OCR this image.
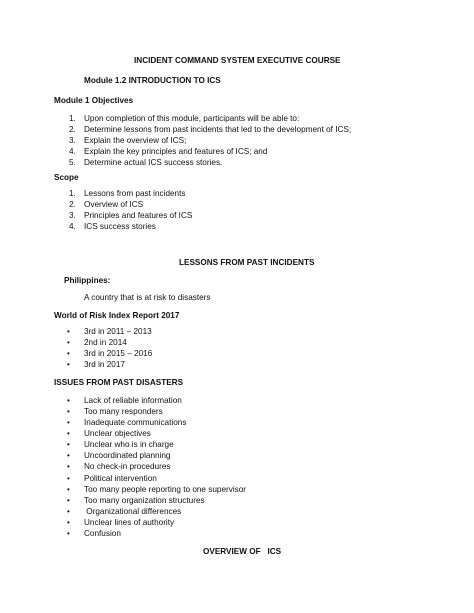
INCIDENT COMMAND SYSTEM EXECUTIVE COURSE
Module 1.2 INTRODUCTION TO ICS
Module 1 Objectives
1. Upon completion of this module, participants will be able to:
2. Determine lessons from past incidents that led to the development of ICS;
3. Explain the overview of ICS;
4. Explain the key principles and features of ICS; and
5. Determine actual ICS success stories.
Scope
1. Lessons from past incidents
2. Overview of ICS
3. Principles and features of ICS
4. ICS success stories
LESSONS FROM PAST INCIDENTS
Philippines:
A country that is at risk to disasters
World of Risk Index Report 2017
• 3rd in 2011 – 2013
• 2nd in 2014
• 3rd in 2015 – 2016
• 3rd in 2017
ISSUES FROM PAST DISASTERS
• Lack of reliable information
• Too many responders
• Inadequate communications
• Unclear objectives
• Unclear who is in charge
• Uncoordinated planning
• No check-in procedures
• Political intervention
• Too many people reporting to one supervisor
• Too many organization structures
• Organizational differences
• Unclear lines of authority
• Confusion
OVERVIEW OF   ICS
